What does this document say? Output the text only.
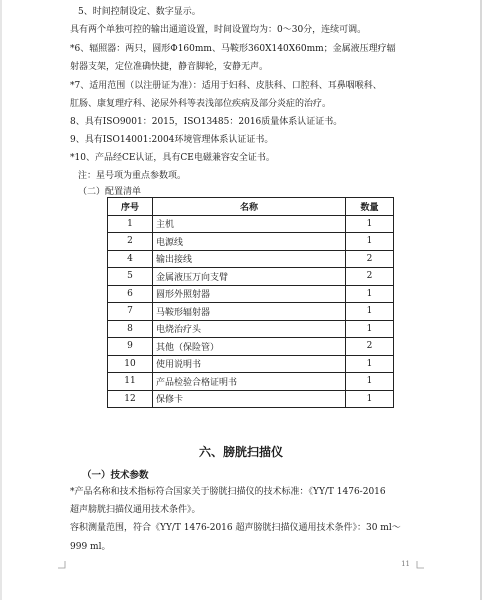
5、时间控制设定、数字显示。
具有两个单独可控的输出通道设置，时间设置均为：0～30分，连续可调。
*6、辐照器：两只，圆形Ф160mm、马鞍形360X140X60mm；金属液压理疗辐
射器支架，定位准确快捷，静音脚轮，安静无声。
*7、适用范围（以注册证为准）：适用于妇科、皮肤科、口腔科、耳鼻咽喉科、
肛肠、康复理疗科、泌尿外科等表浅部位疾病及部分炎症的治疗。
8、具有ISO9001：2015，ISO13485：2016质量体系认证证书。
9、具有ISO14001:2004环境管理体系认证证书。
*10、产品经CE认证，具有CE电磁兼容安全证书。
注：星号项为重点参数项。
（二）配置清单
序号	名称	数量
1	主机	1
2	电源线	1
4	输出接线	2
5	金属液压万向支臂	2
6	圆形外照射器	1
7	马鞍形辐射器	1
8	电烧治疗头	1
9	其他（保险管）	2
10	使用说明书	1
11	产品检验合格证明书	1
12	保修卡	1
六、膀胱扫描仪
（一）技术参数
*产品名称和技术指标符合国家关于膀胱扫描仪的技术标准：《YY/T 1476-2016
超声膀胱扫描仪通用技术条件》。
容积测量范围，符合《YY/T 1476-2016 超声膀胱扫描仪通用技术条件》：30 ml～
999 ml。
11
